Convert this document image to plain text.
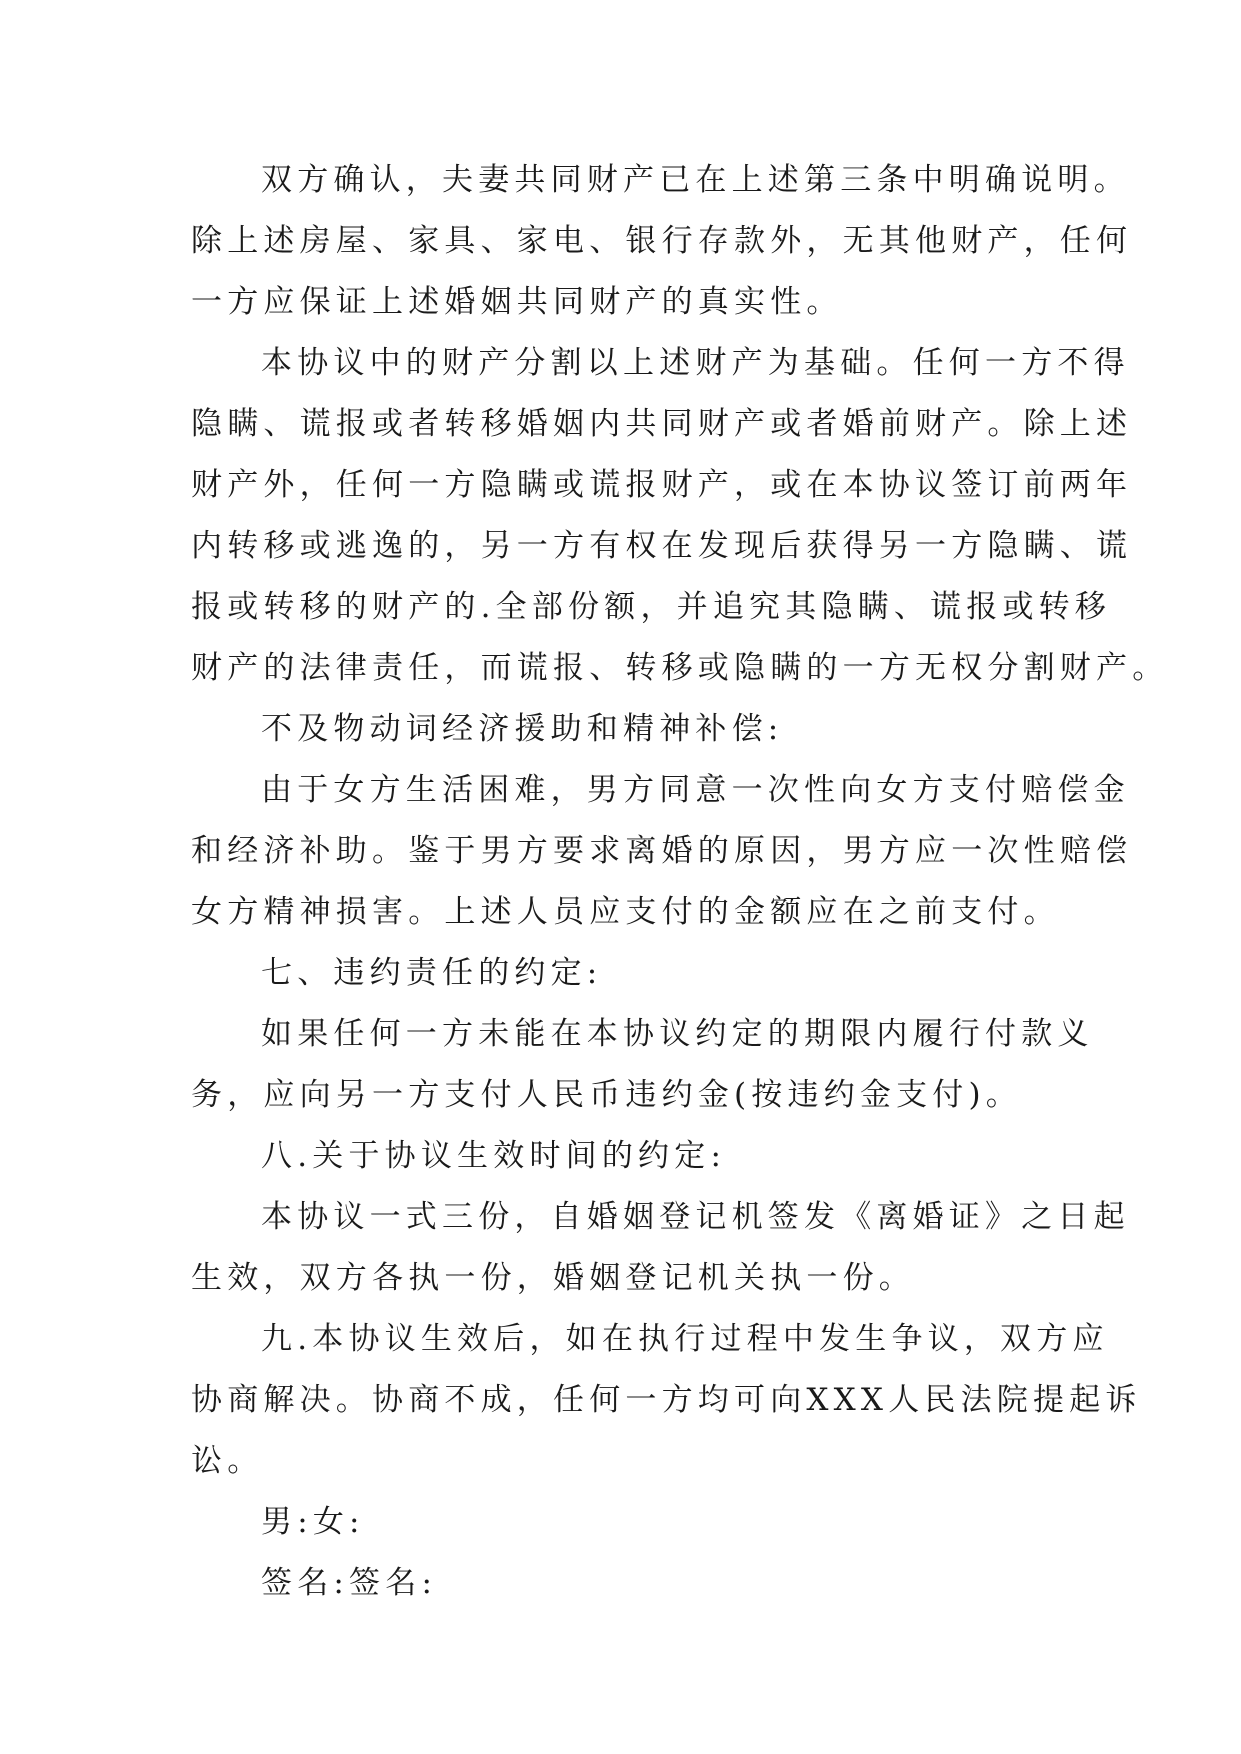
双方确认，夫妻共同财产已在上述第三条中明确说明。
除上述房屋、家具、家电、银行存款外，无其他财产，任何
一方应保证上述婚姻共同财产的真实性。
本协议中的财产分割以上述财产为基础。任何一方不得
隐瞒、谎报或者转移婚姻内共同财产或者婚前财产。除上述
财产外，任何一方隐瞒或谎报财产，或在本协议签订前两年
内转移或逃逸的，另一方有权在发现后获得另一方隐瞒、谎
报或转移的财产的.全部份额，并追究其隐瞒、谎报或转移
财产的法律责任，而谎报、转移或隐瞒的一方无权分割财产。
不及物动词经济援助和精神补偿:
由于女方生活困难，男方同意一次性向女方支付赔偿金
和经济补助。鉴于男方要求离婚的原因，男方应一次性赔偿
女方精神损害。上述人员应支付的金额应在之前支付。
七、违约责任的约定:
如果任何一方未能在本协议约定的期限内履行付款义
务，应向另一方支付人民币违约金(按违约金支付)。
八.关于协议生效时间的约定:
本协议一式三份，自婚姻登记机签发《离婚证》之日起
生效，双方各执一份，婚姻登记机关执一份。
九.本协议生效后，如在执行过程中发生争议，双方应
协商解决。协商不成，任何一方均可向XXX人民法院提起诉
讼。
男:女:
签名:签名:
